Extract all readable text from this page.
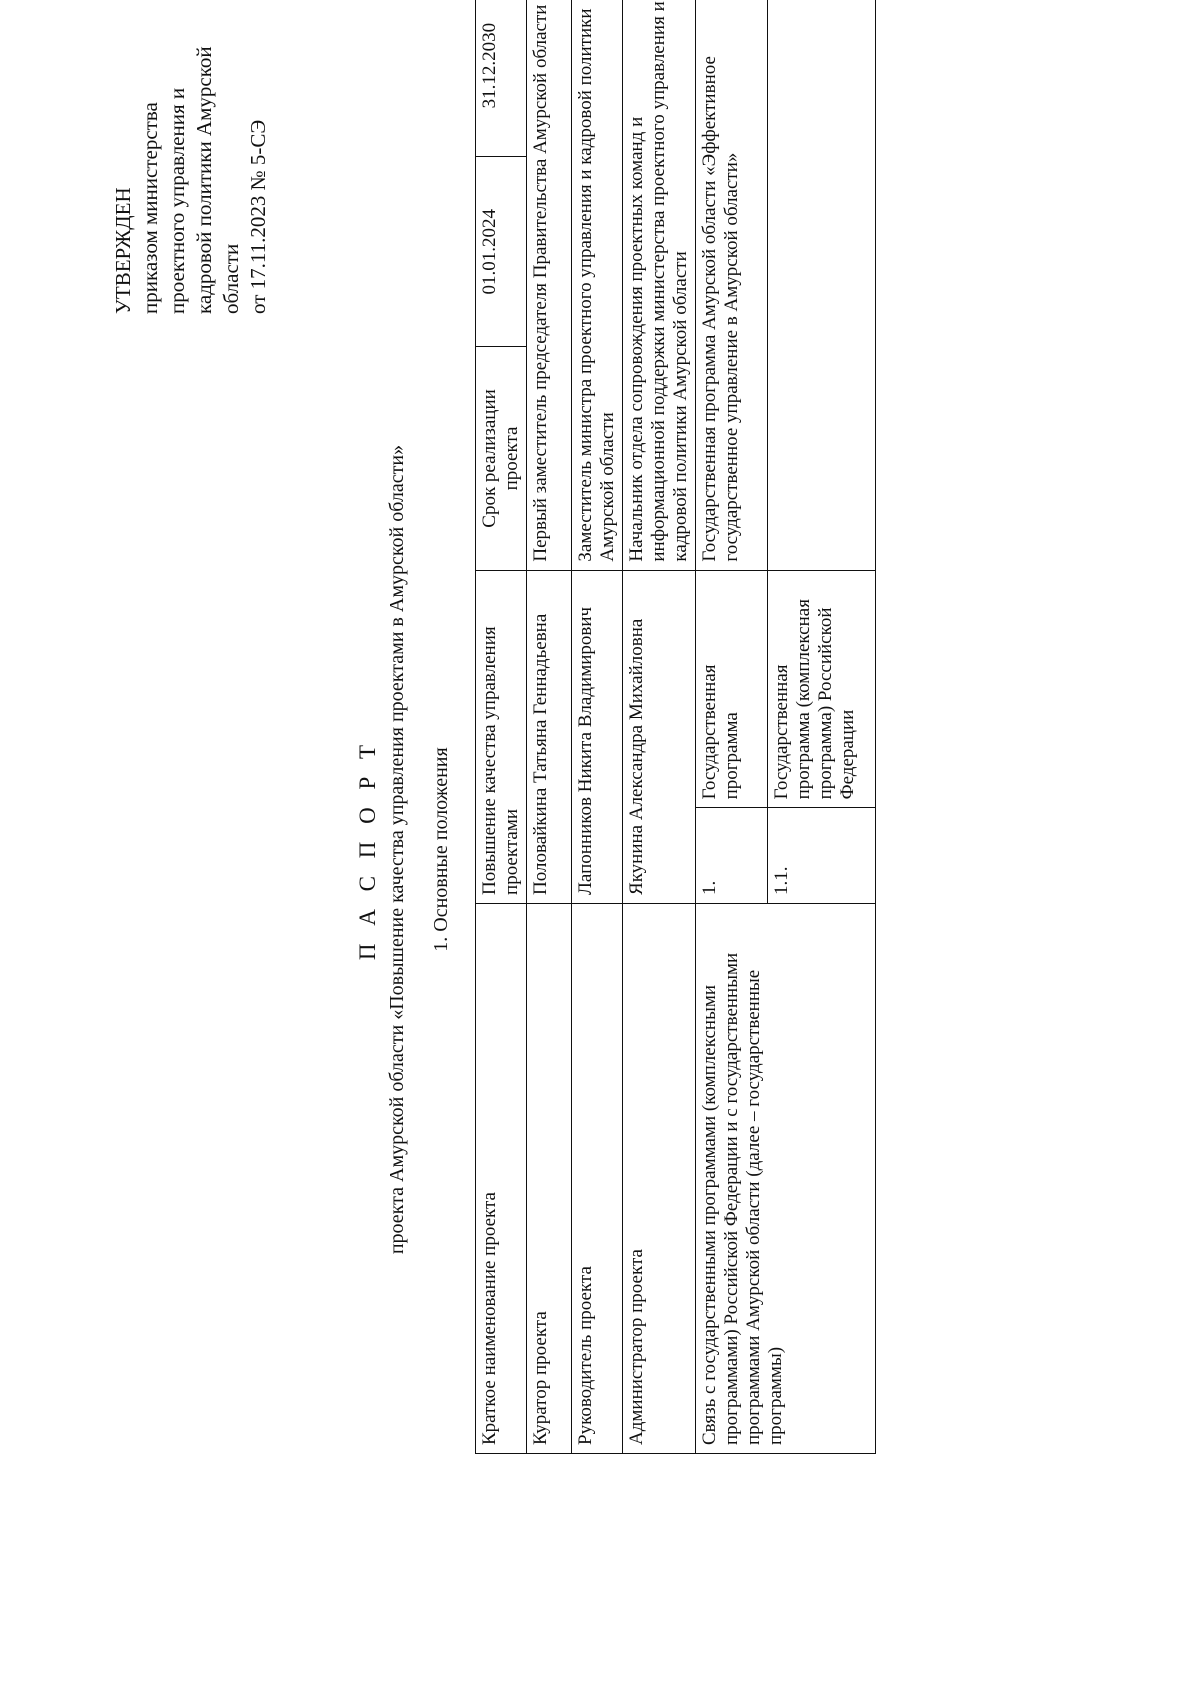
УТВЕРЖДЕН приказом министерства проектного управления и кадровой политики Амурской области от 17.11.2023 № 5-СЭ
П А С П О Р Т проекта Амурской области «Повышение качества управления проектами в Амурской области» 1. Основные положения
Краткое наименование проекта	Повышение качества управления проектами		Срок реализации проекта	01.01.2024	31.12.2030
Куратор проекта	Половайкина Татьяна Геннадьевна		Первый заместитель председателя Правительства Амурской области		
Руководитель проекта	Лапонников Никита Владимирович		Заместитель министра проектного управления и кадровой политики Амурской области		
Администратор проекта	Якунина Александра Михайловна		Начальник отдела сопровождения проектных команд и информационной поддержки министерства проектного управления и кадровой политики Амурской области		
Связь с государственными программами (комплексными программами) Российской Федерации и с государственными программами Амурской области (далее – государственные программы)	1.	Государственная программа	Государственная программа Амурской области «Эффективное государственное управление в Амурской области»		
	1.1.	Государственная программа (комплексная программа) Российской Федерации			
